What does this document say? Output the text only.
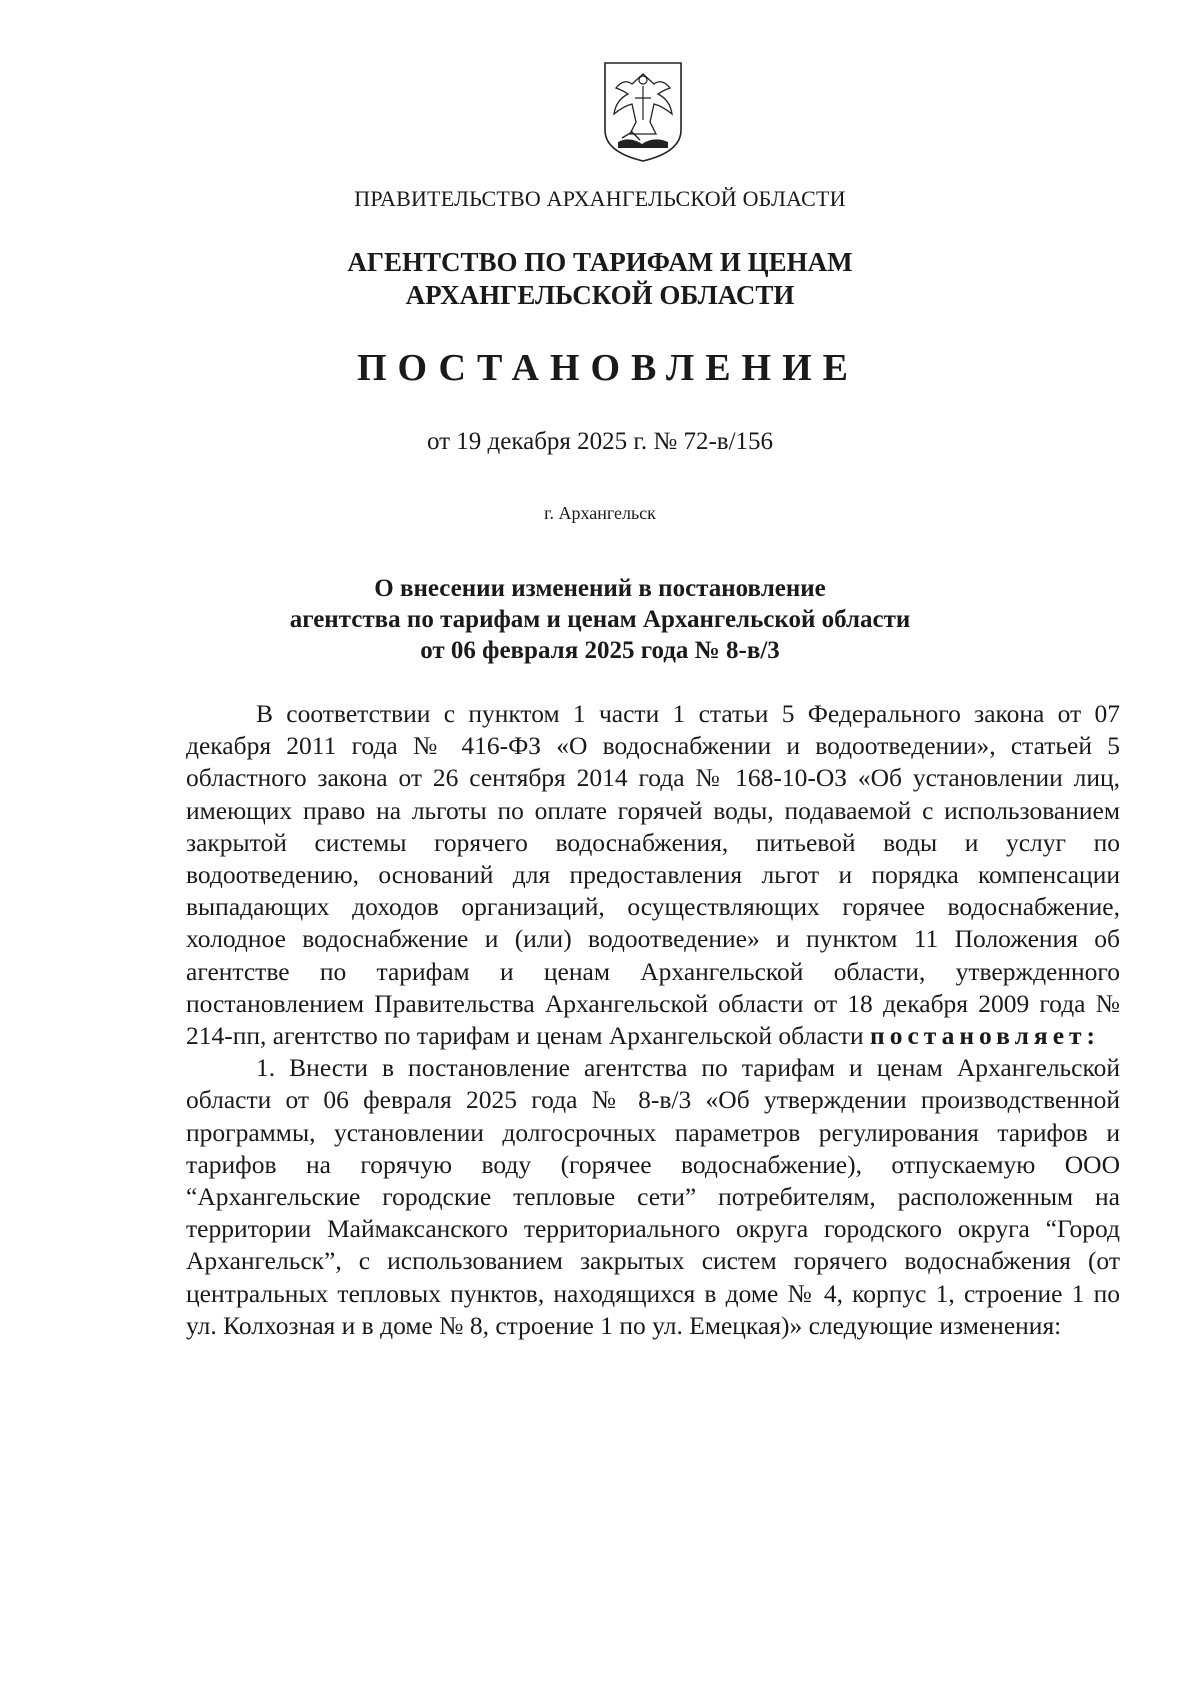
ПРАВИТЕЛЬСТВО АРХАНГЕЛЬСКОЙ ОБЛАСТИ
АГЕНТСТВО ПО ТАРИФАМ И ЦЕНАМ
АРХАНГЕЛЬСКОЙ ОБЛАСТИ
ПОСТАНОВЛЕНИЕ
от 19 декабря 2025 г. № 72-в/156
г. Архангельск
О внесении изменений в постановление
агентства по тарифам и ценам Архангельской области
от 06 февраля 2025 года № 8-в/3

В соответствии с пунктом 1 части 1 статьи 5 Федерального закона от 07 декабря 2011 года № 416-ФЗ «О водоснабжении и водоотведении», статьей 5 областного закона от 26 сентября 2014 года № 168-10-ОЗ «Об установлении лиц, имеющих право на льготы по оплате горячей воды, подаваемой с использованием закрытой системы горячего водоснабжения, питьевой воды и услуг по водоотведению, оснований для предоставления льгот и порядка компенсации выпадающих доходов организаций, осуществляющих горячее водоснабжение, холодное водоснабжение и (или) водоотведение» и пунктом 11 Положения об агентстве по тарифам и ценам Архангельской области, утвержденного постановлением Правительства Архангельской области от 18 декабря 2009 года № 214-пп, агентство по тарифам и ценам Архангельской области постановляет:

1. Внести в постановление агентства по тарифам и ценам Архангельской области от 06 февраля 2025 года № 8-в/3 «Об утверждении производственной программы, установлении долгосрочных параметров регулирования тарифов и тарифов на горячую воду (горячее водоснабжение), отпускаемую ООО “Архангельские городские тепловые сети” потребителям, расположенным на территории Маймаксанского территориального округа городского округа “Город Архангельск”, с использованием закрытых систем горячего водоснабжения (от центральных тепловых пунктов, находящихся в доме № 4, корпус 1, строение 1 по ул. Колхозная и в доме № 8, строение 1 по ул. Емецкая)» следующие изменения:
